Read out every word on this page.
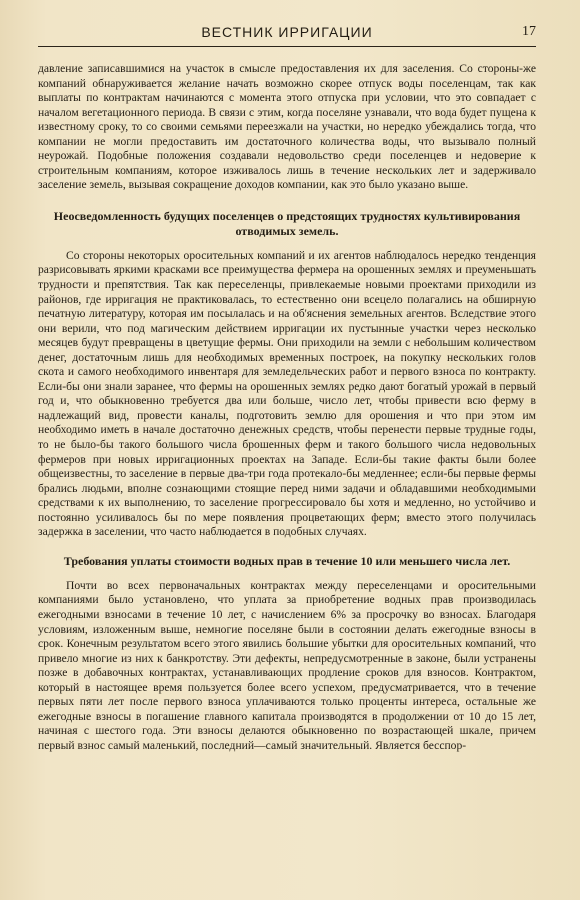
ВЕСТНИК ИРРИГАЦИИ	17

давление записавшимися на участок в смысле предоставления их для заселения. Со стороны-же компаний обнаруживается желание начать возможно скорее отпуск воды поселенцам, так как выплаты по контрактам начинаются с момента этого отпуска при условии, что это совпадает с началом вегетационного периода. В связи с этим, когда поселяне узнавали, что вода будет пущена к известному сроку, то со своими семьями переезжали на участки, но нередко убеждались тогда, что компании не могли предоставить им достаточного количества воды, что вызывало полный неурожай. Подобные положения создавали недовольство среди поселенцев и недоверие к строительным компаниям, которое изживалось лишь в течение нескольких лет и задерживало заселение земель, вызывая сокращение доходов компании, как это было указано выше.

Неосведомленность будущих поселенцев о предстоящих трудностях культивирования отводимых земель.

Со стороны некоторых оросительных компаний и их агентов наблюдалось нередко тенденция разрисовывать яркими красками все преимущества фермера на орошенных землях и преуменьшать трудности и препятствия. Так как переселенцы, привлекаемые новыми проектами приходили из районов, где ирригация не практиковалась, то естественно они всецело полагались на обширную печатную литературу, которая им посылалась и на об'яснения земельных агентов. Вследствие этого они верили, что под магическим действием ирригации их пустынные участки через несколько месяцев будут превращены в цветущие фермы. Они приходили на земли с небольшим количеством денег, достаточным лишь для необходимых временных построек, на покупку нескольких голов скота и самого необходимого инвентаря для земледельческих работ и первого взноса по контракту. Если-бы они знали заранее, что фермы на орошенных землях редко дают богатый урожай в первый год и, что обыкновенно требуется два или больше, число лет, чтобы привести всю ферму в надлежащий вид, провести каналы, подготовить землю для орошения и что при этом им необходимо иметь в начале достаточно денежных средств, чтобы перенести первые трудные годы, то не было-бы такого большого числа брошенных ферм и такого большого числа недовольных фермеров при новых ирригационных проектах на Западе. Если-бы такие факты были более общеизвестны, то заселение в первые два-три года протекало-бы медленнее; если-бы первые фермы брались людьми, вполне сознающими стоящие перед ними задачи и обладавшими необходимыми средствами к их выполнению, то заселение прогрессировало бы хотя и медленно, но устойчиво и постоянно усиливалось бы по мере появления процветающих ферм; вместо этого получилась задержка в заселении, что часто наблюдается в подобных случаях.

Требования уплаты стоимости водных прав в течение 10 или меньшего числа лет.

Почти во всех первоначальных контрактах между переселенцами и оросительными компаниями было установлено, что уплата за приобретение водных прав производилась ежегодными взносами в течение 10 лет, с начислением 6% за просрочку во взносах. Благодаря условиям, изложенным выше, немногие поселяне были в состоянии делать ежегодные взносы в срок. Конечным результатом всего этого явились большие убытки для оросительных компаний, что привело многие из них к банкротству. Эти дефекты, непредусмотренные в законе, были устранены позже в добавочных контрактах, устанавливающих продление сроков для взносов. Контрактом, который в настоящее время пользуется более всего успехом, предусматривается, что в течение первых пяти лет после первого взноса уплачиваются только проценты интереса, остальные же ежегодные взносы в погашение главного капитала производятся в продолжении от 10 до 15 лет, начиная с шестого года. Эти взносы делаются обыкновенно по возрастающей шкале, причем первый взнос самый маленький, последний—самый значительный. Является бесспор-
